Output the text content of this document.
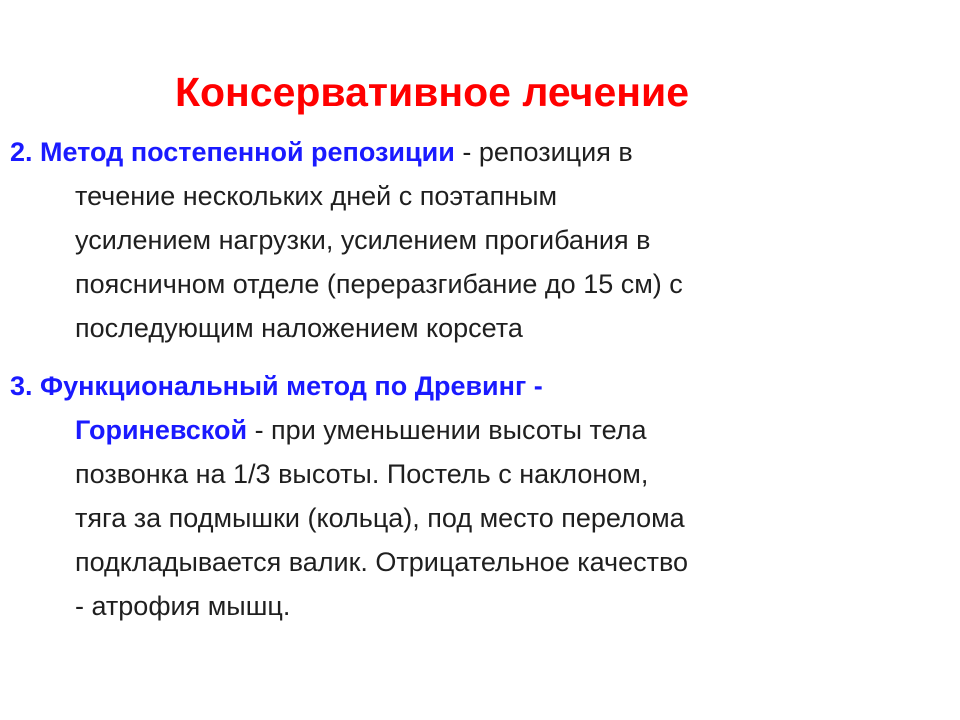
Консервативное лечение
2. Метод постепенной репозиции - репозиция в
течение нескольких дней с поэтапным
усилением нагрузки, усилением прогибания в
поясничном отделе (переразгибание до 15 см) с
последующим наложением корсета
3. Функциональный метод по Древинг -
Гориневской - при уменьшении высоты тела
позвонка на 1/3 высоты. Постель с наклоном,
тяга за подмышки (кольца), под место перелома
подкладывается валик. Отрицательное качество
- атрофия мышц.
